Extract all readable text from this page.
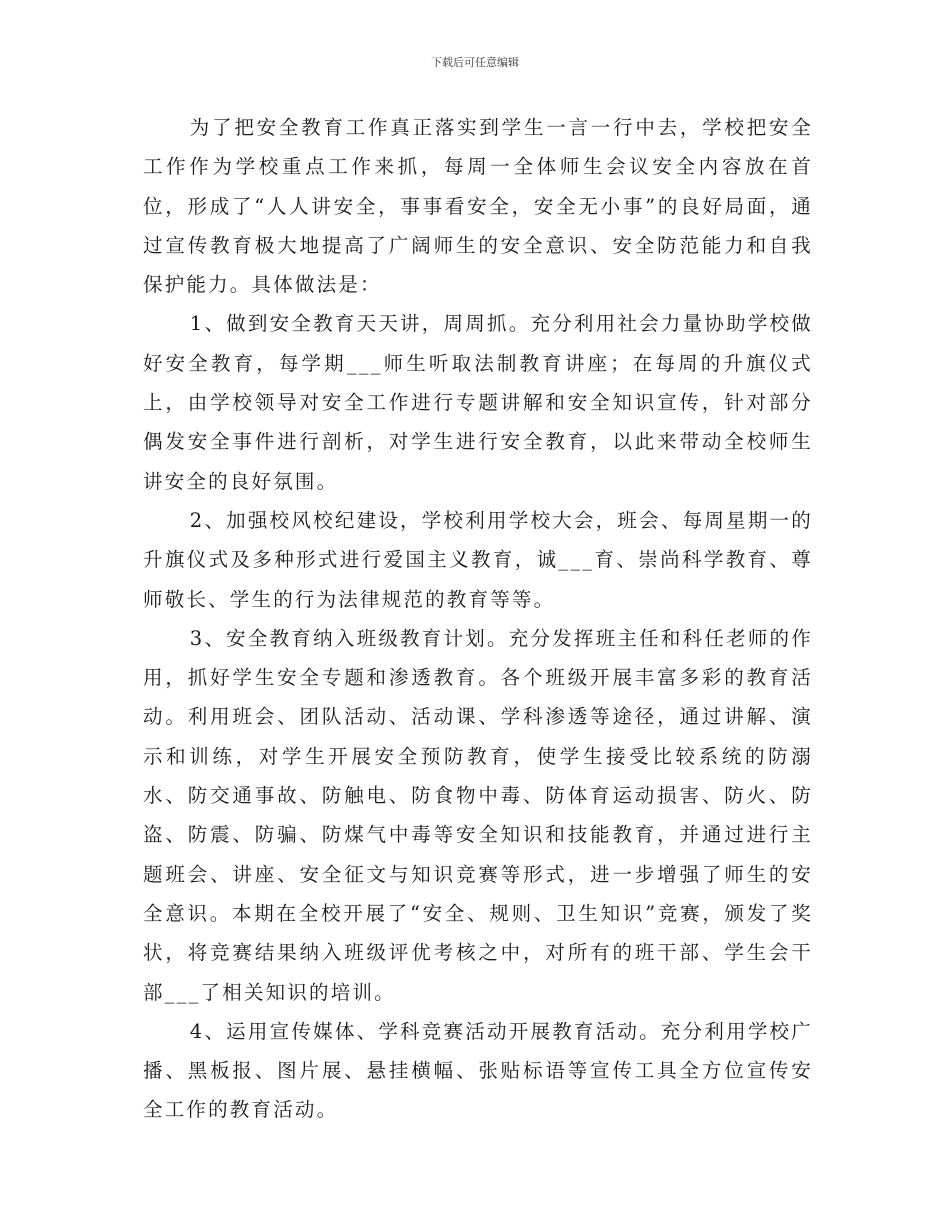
下载后可任意编辑

为了把安全教育工作真正落实到学生一言一行中去，学校把安全工作作为学校重点工作来抓，每周一全体师生会议安全内容放在首位，形成了“人人讲安全，事事看安全，安全无小事”的良好局面，通过宣传教育极大地提高了广阔师生的安全意识、安全防范能力和自我保护能力。具体做法是：

1、做到安全教育天天讲，周周抓。充分利用社会力量协助学校做好安全教育，每学期___师生听取法制教育讲座；在每周的升旗仪式上，由学校领导对安全工作进行专题讲解和安全知识宣传，针对部分偶发安全事件进行剖析，对学生进行安全教育，以此来带动全校师生讲安全的良好氛围。

2、加强校风校纪建设，学校利用学校大会，班会、每周星期一的升旗仪式及多种形式进行爱国主义教育，诚___育、崇尚科学教育、尊师敬长、学生的行为法律规范的教育等等。

3、安全教育纳入班级教育计划。充分发挥班主任和科任老师的作用，抓好学生安全专题和渗透教育。各个班级开展丰富多彩的教育活动。利用班会、团队活动、活动课、学科渗透等途径，通过讲解、演示和训练，对学生开展安全预防教育，使学生接受比较系统的防溺水、防交通事故、防触电、防食物中毒、防体育运动损害、防火、防盗、防震、防骗、防煤气中毒等安全知识和技能教育，并通过进行主题班会、讲座、安全征文与知识竞赛等形式，进一步增强了师生的安全意识。本期在全校开展了“安全、规则、卫生知识”竞赛，颁发了奖状，将竞赛结果纳入班级评优考核之中，对所有的班干部、学生会干部___了相关知识的培训。

4、运用宣传媒体、学科竞赛活动开展教育活动。充分利用学校广播、黑板报、图片展、悬挂横幅、张贴标语等宣传工具全方位宣传安全工作的教育活动。
